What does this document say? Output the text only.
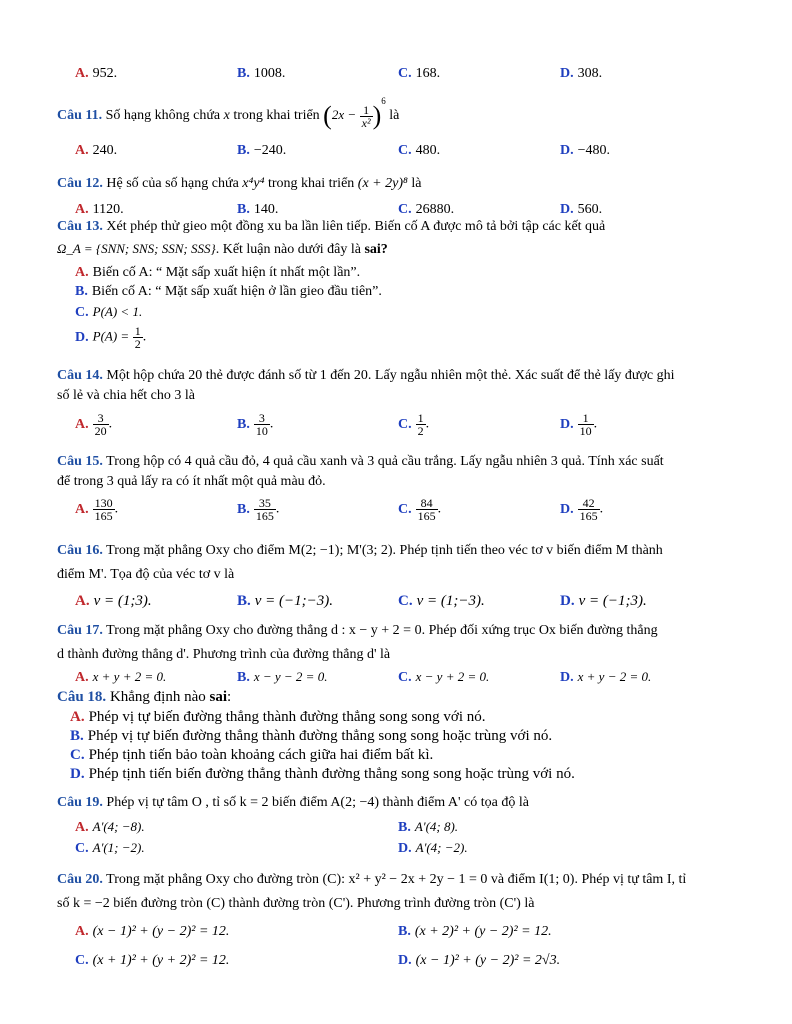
A. 952.	B. 1008.	C. 168.	D. 308.
Câu 11. Số hạng không chứa x trong khai triển $(2x - \frac{1}{\text{x²}} )^6$ là
A. 240.	B. −240.	C. 480.	D. −480.
Câu 12. Hệ số của số hạng chứa x⁴y⁴ trong khai triển (x + 2y)⁸ là
A. 1120.	B. 140.	C. 26880.	D. 560.
Câu 13. Xét phép thử gieo một đồng xu ba lần liên tiếp. Biến cố A được mô tả bởi tập các kết quả
Ω_A = {SNN; SNS; SSN; SSS}. Kết luận nào dưới đây là sai?
A. Biến cố A: “ Mặt sấp xuất hiện ít nhất một lần”.
B. Biến cố A: “ Mặt sấp xuất hiện ở lần gieo đầu tiên”.
C. P(A) < 1.
D. $P(A) = \frac{1}{2}$ .
Câu 14. Một hộp chứa 20 thẻ được đánh số từ 1 đến 20. Lấy ngẫu nhiên một thẻ. Xác suất để thẻ lấy được ghi
số lẻ và chia hết cho 3 là
A. $\frac{3}{20}$ .	B. $\frac{3}{10}$ .	C. $\frac{1}{2}$ .	D. $\frac{1}{10}$ .
Câu 15. Trong hộp có 4 quả cầu đỏ, 4 quả cầu xanh và 3 quả cầu trắng. Lấy ngẫu nhiên 3 quả. Tính xác suất
để trong 3 quả lấy ra có ít nhất một quả màu đỏ.
A. $\frac{130}{165}$ .	B. $\frac{35}{165}$ .	C. $\frac{84}{165}$ .	D. $\frac{42}{165}$ .
Câu 16. Trong mặt phẳng Oxy cho điểm M(2; −1); M'(3; 2). Phép tịnh tiến theo véc tơ v biến điểm M thành
điểm M'. Tọa độ của véc tơ v là
A. v = (1;3).	B. v = (−1;−3).	C. v = (1;−3).	D. v = (−1;3).
Câu 17. Trong mặt phẳng Oxy cho đường thẳng d : x − y + 2 = 0. Phép đối xứng trục Ox biến đường thẳng
d thành đường thẳng d'. Phương trình của đường thẳng d' là
A. x + y + 2 = 0.	B. x − y − 2 = 0.	C. x − y + 2 = 0.	D. x + y − 2 = 0.
Câu 18. Khẳng định nào sai:
A. Phép vị tự biến đường thẳng thành đường thẳng song song với nó.
B. Phép vị tự biến đường thẳng thành đường thẳng song song hoặc trùng với nó.
C. Phép tịnh tiến bảo toàn khoảng cách giữa hai điểm bất kì.
D. Phép tịnh tiến biến đường thẳng thành đường thẳng song song hoặc trùng với nó.
Câu 19. Phép vị tự tâm O , tỉ số k = 2 biến điểm A(2; −4) thành điểm A' có tọa độ là
A. A'(4; −8).	B. A'(4; 8).
C. A'(1; −2).	D. A'(4; −2).
Câu 20. Trong mặt phẳng Oxy cho đường tròn (C): x² + y² − 2x + 2y − 1 = 0 và điểm I(1; 0). Phép vị tự tâm I, tỉ
số k = −2 biến đường tròn (C) thành đường tròn (C'). Phương trình đường tròn (C') là
A. (x − 1)² + (y − 2)² = 12.	B. (x + 2)² + (y − 2)² = 12.
C. (x + 1)² + (y + 2)² = 12.	D. (x − 1)² + (y − 2)² = 2√3.
